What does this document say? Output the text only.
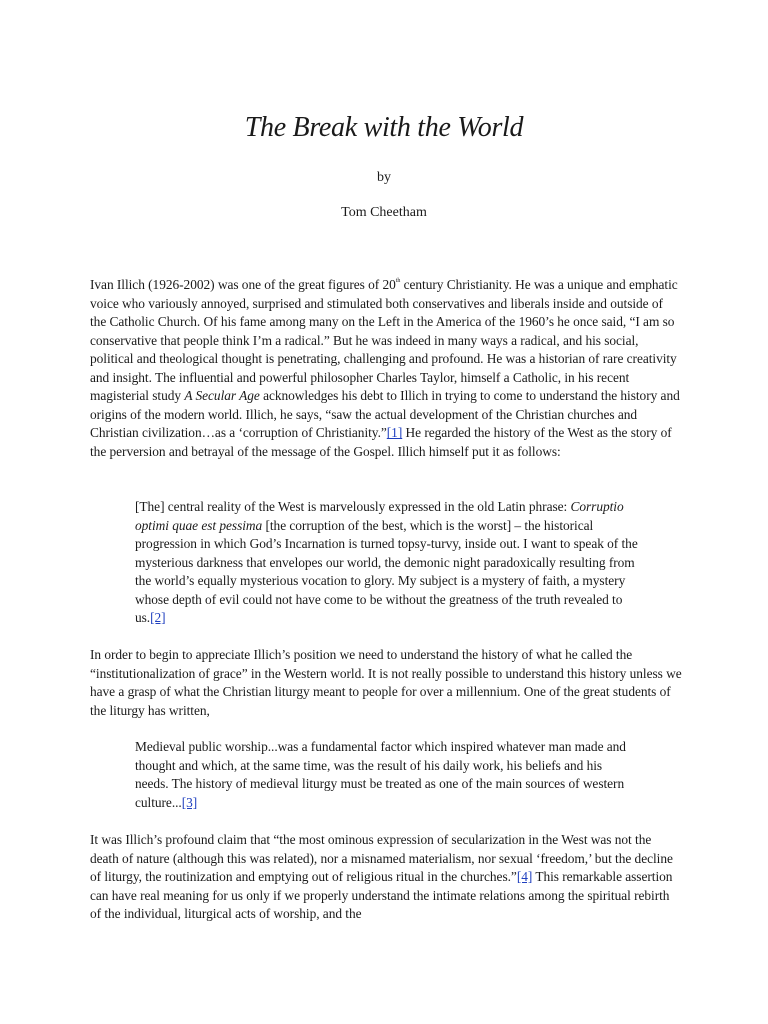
The Break with the World
by
Tom Cheetham

Ivan Illich (1926-2002) was one of the great figures of 20th century Christianity. He was a unique and emphatic voice who variously annoyed, surprised and stimulated both conservatives and liberals inside and outside of the Catholic Church. Of his fame among many on the Left in the America of the 1960’s he once said, “I am so conservative that people think I’m a radical.” But he was indeed in many ways a radical, and his social, political and theological thought is penetrating, challenging and profound. He was a historian of rare creativity and insight. The influential and powerful philosopher Charles Taylor, himself a Catholic, in his recent magisterial study A Secular Age acknowledges his debt to Illich in trying to come to understand the history and origins of the modern world. Illich, he says, “saw the actual development of the Christian churches and Christian civilization…as a ‘corruption of Christianity.”[1] He regarded the history of the West as the story of the perversion and betrayal of the message of the Gospel. Illich himself put it as follows:

[The] central reality of the West is marvelously expressed in the old Latin phrase: Corruptio optimi quae est pessima [the corruption of the best, which is the worst] – the historical progression in which God’s Incarnation is turned topsy-turvy, inside out. I want to speak of the mysterious darkness that envelopes our world, the demonic night paradoxically resulting from the world’s equally mysterious vocation to glory. My subject is a mystery of faith, a mystery whose depth of evil could not have come to be without the greatness of the truth revealed to us.[2]

In order to begin to appreciate Illich’s position we need to understand the history of what he called the “institutionalization of grace” in the Western world. It is not really possible to understand this history unless we have a grasp of what the Christian liturgy meant to people for over a millennium. One of the great students of the liturgy has written,

Medieval public worship...was a fundamental factor which inspired whatever man made and thought and which, at the same time, was the result of his daily work, his beliefs and his needs. The history of medieval liturgy must be treated as one of the main sources of western culture...[3]

It was Illich’s profound claim that “the most ominous expression of secularization in the West was not the death of nature (although this was related), nor a misnamed materialism, nor sexual ‘freedom,’ but the decline of liturgy, the routinization and emptying out of religious ritual in the churches.”[4] This remarkable assertion can have real meaning for us only if we properly understand the intimate relations among the spiritual rebirth of the individual, liturgical acts of worship, and the
